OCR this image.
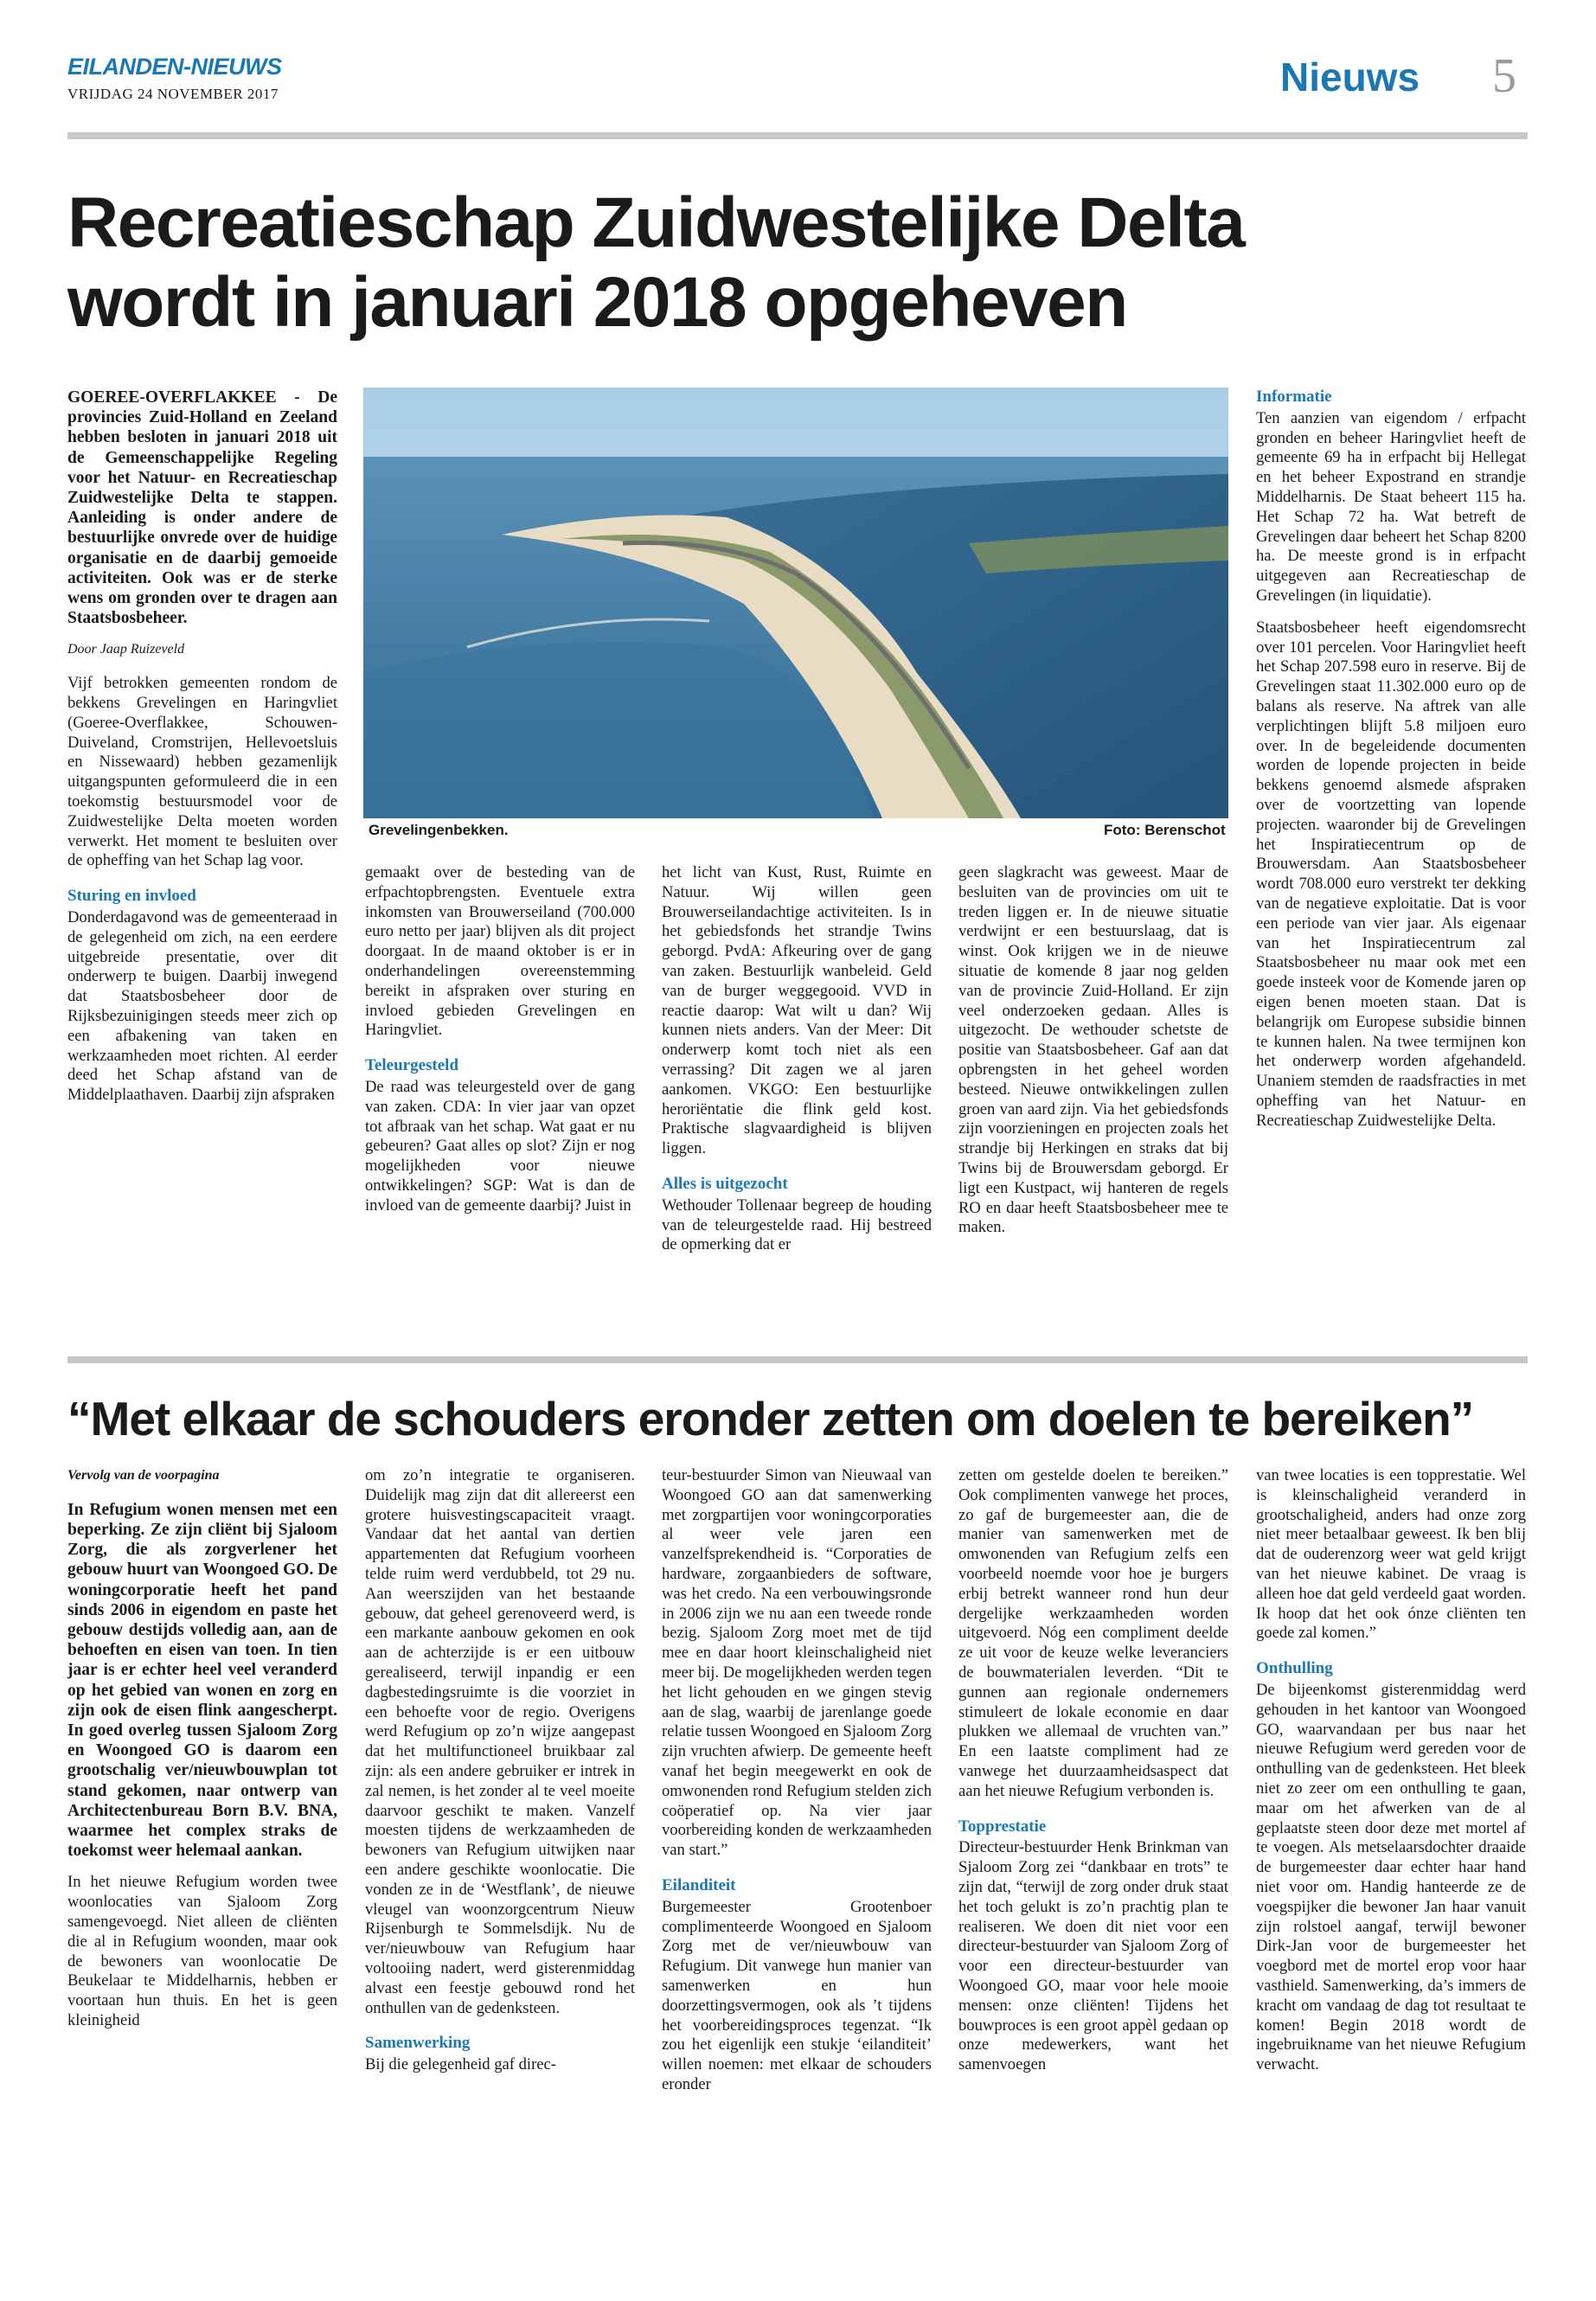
EILANDEN-NIEUWS
VRIJDAG 24 NOVEMBER 2017	Nieuws 5
Recreatieschap Zuidwestelijke Delta
wordt in januari 2018 opgeheven

GOEREE-OVERFLAKKEE - De provincies Zuid-Holland en Zeeland hebben besloten in januari 2018 uit de Gemeenschappelijke Regeling voor het Natuur- en Recreatieschap Zuidwestelijke Delta te stappen. Aanleiding is onder andere de bestuurlijke onvrede over de huidige organisatie en de daarbij gemoeide activiteiten. Ook was er de sterke wens om gronden over te dragen aan Staatsbosbeheer.

Door Jaap Ruizeveld

Vijf betrokken gemeenten rondom de bekkens Grevelingen en Haringvliet (Goeree-Overflakkee, Schouwen-Duiveland, Cromstrijen, Hellevoetsluis en Nissewaard) hebben gezamenlijk uitgangspunten geformuleerd die in een toekomstig bestuursmodel voor de Zuidwestelijke Delta moeten worden verwerkt. Het moment te besluiten over de opheffing van het Schap lag voor.

Sturing en invloed

Donderdagavond was de gemeenteraad in de gelegenheid om zich, na een eerdere uitgebreide presentatie, over dit onderwerp te buigen. Daarbij inwegend dat Staatsbosbeheer door de Rijksbezuinigingen steeds meer zich op een afbakening van taken en werkzaamheden moet richten. Al eerder deed het Schap afstand van de Middelplaathaven. Daarbij zijn afspraken

Grevelingenbekken.	Foto: Berenschot

gemaakt over de besteding van de erfpachtopbrengsten. Eventuele extra inkomsten van Brouwerseiland (700.000 euro netto per jaar) blijven als dit project doorgaat. In de maand oktober is er in onderhandelingen overeenstemming bereikt in afspraken over sturing en invloed gebieden Grevelingen en Haringvliet.

Teleurgesteld

De raad was teleurgesteld over de gang van zaken. CDA: In vier jaar van opzet tot afbraak van het schap. Wat gaat er nu gebeuren? Gaat alles op slot? Zijn er nog mogelijkheden voor nieuwe ontwikkelingen? SGP: Wat is dan de invloed van de gemeente daarbij? Juist in

het licht van Kust, Rust, Ruimte en Natuur. Wij willen geen Brouwerseilandachtige activiteiten. Is in het gebiedsfonds het strandje Twins geborgd. PvdA: Afkeuring over de gang van zaken. Bestuurlijk wanbeleid. Geld van de burger weggegooid. VVD in reactie daarop: Wat wilt u dan? Wij kunnen niets anders. Van der Meer: Dit onderwerp komt toch niet als een verrassing? Dit zagen we al jaren aankomen. VKGO: Een bestuurlijke heroriëntatie die flink geld kost. Praktische slagvaardigheid is blijven liggen.

Alles is uitgezocht

Wethouder Tollenaar begreep de houding van de teleurgestelde raad. Hij bestreed de opmerking dat er

geen slagkracht was geweest. Maar de besluiten van de provincies om uit te treden liggen er. In de nieuwe situatie verdwijnt er een bestuurslaag, dat is winst. Ook krijgen we in de nieuwe situatie de komende 8 jaar nog gelden van de provincie Zuid-Holland. Er zijn veel onderzoeken gedaan. Alles is uitgezocht. De wethouder schetste de positie van Staatsbosbeheer. Gaf aan dat opbrengsten in het geheel worden besteed. Nieuwe ontwikkelingen zullen groen van aard zijn. Via het gebiedsfonds zijn voorzieningen en projecten zoals het strandje bij Herkingen en straks dat bij Twins bij de Brouwersdam geborgd. Er ligt een Kustpact, wij hanteren de regels RO en daar heeft Staatsbosbeheer mee te maken.

Informatie

Ten aanzien van eigendom / erfpacht gronden en beheer Haringvliet heeft de gemeente 69 ha in erfpacht bij Hellegat en het beheer Expostrand en strandje Middelharnis. De Staat beheert 115 ha. Het Schap 72 ha. Wat betreft de Grevelingen daar beheert het Schap 8200 ha. De meeste grond is in erfpacht uitgegeven aan Recreatieschap de Grevelingen (in liquidatie).

Staatsbosbeheer heeft eigendomsrecht over 101 percelen. Voor Haringvliet heeft het Schap 207.598 euro in reserve. Bij de Grevelingen staat 11.302.000 euro op de balans als reserve. Na aftrek van alle verplichtingen blijft 5.8 miljoen euro over. In de begeleidende documenten worden de lopende projecten in beide bekkens genoemd alsmede afspraken over de voortzetting van lopende projecten. waaronder bij de Grevelingen het Inspiratiecentrum op de Brouwersdam. Aan Staatsbosbeheer wordt 708.000 euro verstrekt ter dekking van de negatieve exploitatie. Dat is voor een periode van vier jaar. Als eigenaar van het Inspiratiecentrum zal Staatsbosbeheer nu maar ook met een goede insteek voor de Komende jaren op eigen benen moeten staan. Dat is belangrijk om Europese subsidie binnen te kunnen halen. Na twee termijnen kon het onderwerp worden afgehandeld. Unaniem stemden de raadsfracties in met opheffing van het Natuur- en Recreatieschap Zuidwestelijke Delta.

“Met elkaar de schouders eronder zetten om doelen te bereiken”

Vervolg van de voorpagina

In Refugium wonen mensen met een beperking. Ze zijn cliënt bij Sjaloom Zorg, die als zorgverlener het gebouw huurt van Woongoed GO. De woningcorporatie heeft het pand sinds 2006 in eigendom en paste het gebouw destijds volledig aan, aan de behoeften en eisen van toen. In tien jaar is er echter heel veel veranderd op het gebied van wonen en zorg en zijn ook de eisen flink aangescherpt. In goed overleg tussen Sjaloom Zorg en Woongoed GO is daarom een grootschalig ver/nieuwbouwplan tot stand gekomen, naar ontwerp van Architectenbureau Born B.V. BNA, waarmee het complex straks de toekomst weer helemaal aankan.

In het nieuwe Refugium worden twee woonlocaties van Sjaloom Zorg samengevoegd. Niet alleen de cliënten die al in Refugium woonden, maar ook de bewoners van woonlocatie De Beukelaar te Middelharnis, hebben er voortaan hun thuis. En het is geen kleinigheid

om zo’n integratie te organiseren. Duidelijk mag zijn dat dit allereerst een grotere huisvestingscapaciteit vraagt. Vandaar dat het aantal van dertien appartementen dat Refugium voorheen telde ruim werd verdubbeld, tot 29 nu. Aan weerszijden van het bestaande gebouw, dat geheel gerenoveerd werd, is een markante aanbouw gekomen en ook aan de achterzijde is er een uitbouw gerealiseerd, terwijl inpandig er een dagbestedingsruimte is die voorziet in een behoefte voor de regio. Overigens werd Refugium op zo’n wijze aangepast dat het multifunctioneel bruikbaar zal zijn: als een andere gebruiker er intrek in zal nemen, is het zonder al te veel moeite daarvoor geschikt te maken. Vanzelf moesten tijdens de werkzaamheden de bewoners van Refugium uitwijken naar een andere geschikte woonlocatie. Die vonden ze in de ‘Westflank’, de nieuwe vleugel van woonzorgcentrum Nieuw Rijsenburgh te Sommelsdijk. Nu de ver/nieuwbouw van Refugium haar voltooiing nadert, werd gisterenmiddag alvast een feestje gebouwd rond het onthullen van de gedenksteen.

Samenwerking

Bij die gelegenheid gaf direc-

teur-bestuurder Simon van Nieuwaal van Woongoed GO aan dat samenwerking met zorgpartijen voor woningcorporaties al weer vele jaren een vanzelfsprekendheid is. “Corporaties de hardware, zorgaanbieders de software, was het credo. Na een verbouwingsronde in 2006 zijn we nu aan een tweede ronde bezig. Sjaloom Zorg moet met de tijd mee en daar hoort kleinschaligheid niet meer bij. De mogelijkheden werden tegen het licht gehouden en we gingen stevig aan de slag, waarbij de jarenlange goede relatie tussen Woongoed en Sjaloom Zorg zijn vruchten afwierp. De gemeente heeft vanaf het begin meegewerkt en ook de omwonenden rond Refugium stelden zich coöperatief op. Na vier jaar voorbereiding konden de werkzaamheden van start.”

Eilanditeit

Burgemeester Grootenboer complimenteerde Woongoed en Sjaloom Zorg met de ver/nieuwbouw van Refugium. Dit vanwege hun manier van samenwerken en hun doorzettingsvermogen, ook als ’t tijdens het voorbereidingsproces tegenzat. “Ik zou het eigenlijk een stukje ‘eilanditeit’ willen noemen: met elkaar de schouders eronder

zetten om gestelde doelen te bereiken.” Ook complimenten vanwege het proces, zo gaf de burgemeester aan, die de manier van samenwerken met de omwonenden van Refugium zelfs een voorbeeld noemde voor hoe je burgers erbij betrekt wanneer rond hun deur dergelijke werkzaamheden worden uitgevoerd. Nóg een compliment deelde ze uit voor de keuze welke leveranciers de bouwmaterialen leverden. “Dit te gunnen aan regionale ondernemers stimuleert de lokale economie en daar plukken we allemaal de vruchten van.” En een laatste compliment had ze vanwege het duurzaamheidsaspect dat aan het nieuwe Refugium verbonden is.

Topprestatie

Directeur-bestuurder Henk Brinkman van Sjaloom Zorg zei “dankbaar en trots” te zijn dat, “terwijl de zorg onder druk staat het toch gelukt is zo’n prachtig plan te realiseren. We doen dit niet voor een directeur-bestuurder van Sjaloom Zorg of voor een directeur-bestuurder van Woongoed GO, maar voor hele mooie mensen: onze cliënten! Tijdens het bouwproces is een groot appèl gedaan op onze medewerkers, want het samenvoegen

van twee locaties is een topprestatie. Wel is kleinschaligheid veranderd in grootschaligheid, anders had onze zorg niet meer betaalbaar geweest. Ik ben blij dat de ouderenzorg weer wat geld krijgt van het nieuwe kabinet. De vraag is alleen hoe dat geld verdeeld gaat worden. Ik hoop dat het ook ónze cliënten ten goede zal komen.”

Onthulling

De bijeenkomst gisterenmiddag werd gehouden in het kantoor van Woongoed GO, waarvandaan per bus naar het nieuwe Refugium werd gereden voor de onthulling van de gedenksteen. Het bleek niet zo zeer om een onthulling te gaan, maar om het afwerken van de al geplaatste steen door deze met mortel af te voegen. Als metselaarsdochter draaide de burgemeester daar echter haar hand niet voor om. Handig hanteerde ze de voegspijker die bewoner Jan haar vanuit zijn rolstoel aangaf, terwijl bewoner Dirk-Jan voor de burgemeester het voegbord met de mortel erop voor haar vasthield. Samenwerking, da’s immers de kracht om vandaag de dag tot resultaat te komen! Begin 2018 wordt de ingebruikname van het nieuwe Refugium verwacht.
